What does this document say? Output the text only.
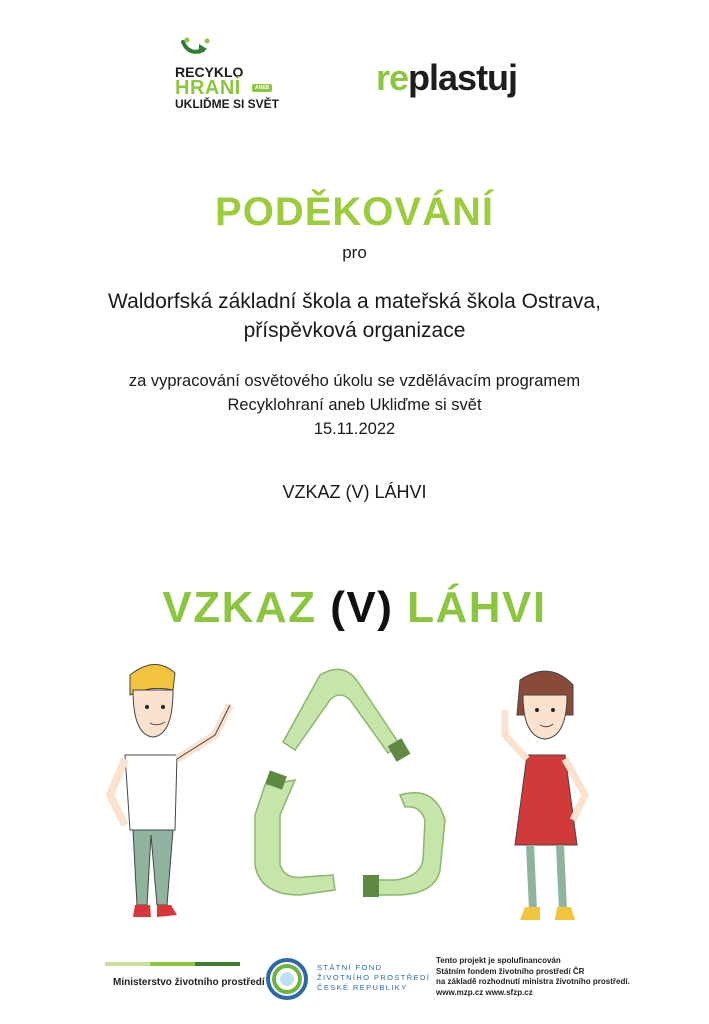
RECYKLO
HRANÍ	ANEB
UKLIĎME SI SVĚT
replastuj
PODĚKOVÁNÍ
pro
Waldorfská základní škola a mateřská škola Ostrava,
příspěvková organizace
za vypracování osvětového úkolu se vzdělávacím programem
Recyklohraní aneb Ukliďme si svět
15.11.2022
VZKAZ (V) LÁHVI
VZKAZ (V) LÁHVI
Ministerstvo životního prostředí
STÁTNÍ FOND
ŽIVOTNÍHO PROSTŘEDÍ
ČESKÉ REPUBLIKY
Tento projekt je spolufinancován
Státním fondem životního prostředí ČR
na základě rozhodnutí ministra životního prostředí.
www.mzp.cz www.sfzp.cz
